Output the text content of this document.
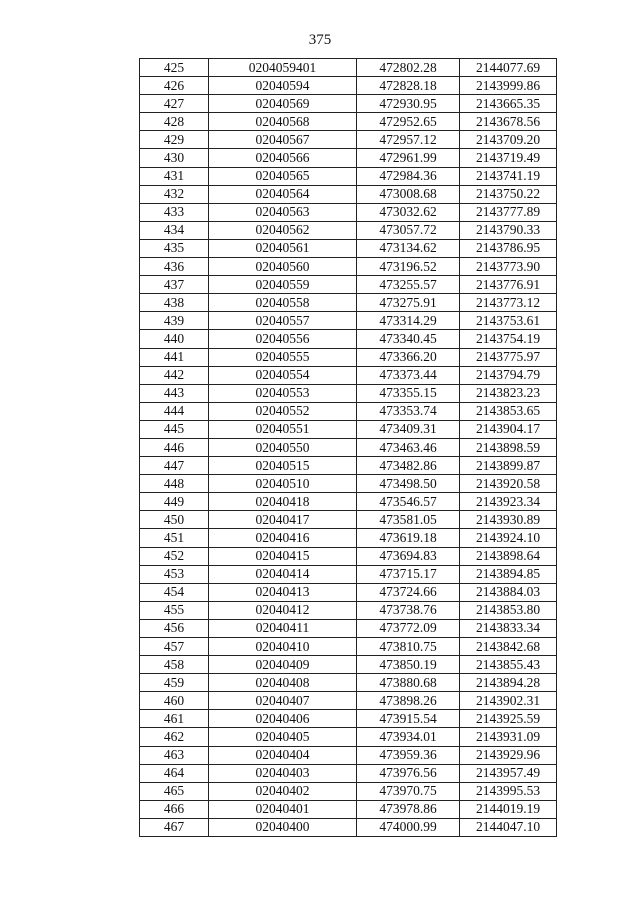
375
425	0204059401	472802.28	2144077.69
426	02040594	472828.18	2143999.86
427	02040569	472930.95	2143665.35
428	02040568	472952.65	2143678.56
429	02040567	472957.12	2143709.20
430	02040566	472961.99	2143719.49
431	02040565	472984.36	2143741.19
432	02040564	473008.68	2143750.22
433	02040563	473032.62	2143777.89
434	02040562	473057.72	2143790.33
435	02040561	473134.62	2143786.95
436	02040560	473196.52	2143773.90
437	02040559	473255.57	2143776.91
438	02040558	473275.91	2143773.12
439	02040557	473314.29	2143753.61
440	02040556	473340.45	2143754.19
441	02040555	473366.20	2143775.97
442	02040554	473373.44	2143794.79
443	02040553	473355.15	2143823.23
444	02040552	473353.74	2143853.65
445	02040551	473409.31	2143904.17
446	02040550	473463.46	2143898.59
447	02040515	473482.86	2143899.87
448	02040510	473498.50	2143920.58
449	02040418	473546.57	2143923.34
450	02040417	473581.05	2143930.89
451	02040416	473619.18	2143924.10
452	02040415	473694.83	2143898.64
453	02040414	473715.17	2143894.85
454	02040413	473724.66	2143884.03
455	02040412	473738.76	2143853.80
456	02040411	473772.09	2143833.34
457	02040410	473810.75	2143842.68
458	02040409	473850.19	2143855.43
459	02040408	473880.68	2143894.28
460	02040407	473898.26	2143902.31
461	02040406	473915.54	2143925.59
462	02040405	473934.01	2143931.09
463	02040404	473959.36	2143929.96
464	02040403	473976.56	2143957.49
465	02040402	473970.75	2143995.53
466	02040401	473978.86	2144019.19
467	02040400	474000.99	2144047.10
